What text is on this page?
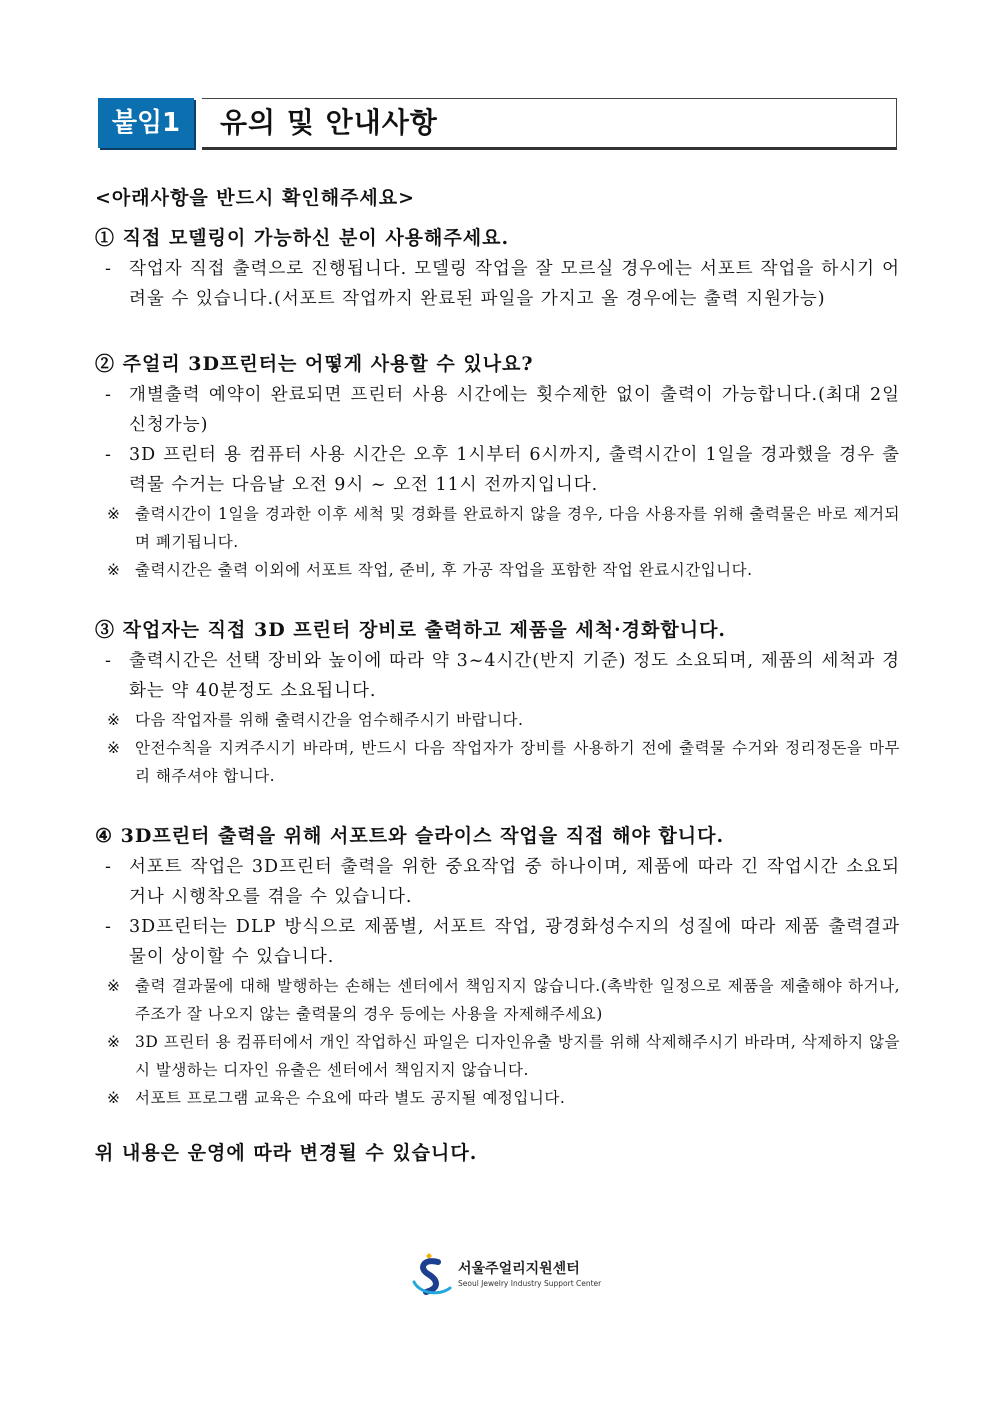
붙임1	유의 및 안내사항
<아래사항을 반드시 확인해주세요>
① 직접 모델링이 가능하신 분이 사용해주세요.
- 작업자 직접 출력으로 진행됩니다. 모델링 작업을 잘 모르실 경우에는 서포트 작업을 하시기 어려울 수 있습니다.(서포트 작업까지 완료된 파일을 가지고 올 경우에는 출력 지원가능)
② 주얼리 3D프린터는 어떻게 사용할 수 있나요?
- 개별출력 예약이 완료되면 프린터 사용 시간에는 횟수제한 없이 출력이 가능합니다.(최대 2일 신청가능)
- 3D 프린터 용 컴퓨터 사용 시간은 오후 1시부터 6시까지, 출력시간이 1일을 경과했을 경우 출력물 수거는 다음날 오전 9시 ~ 오전 11시 전까지입니다.
※ 출력시간이 1일을 경과한 이후 세척 및 경화를 완료하지 않을 경우, 다음 사용자를 위해 출력물은 바로 제거되며 폐기됩니다.
※ 출력시간은 출력 이외에 서포트 작업, 준비, 후 가공 작업을 포함한 작업 완료시간입니다.
③ 작업자는 직접 3D 프린터 장비로 출력하고 제품을 세척·경화합니다.
- 출력시간은 선택 장비와 높이에 따라 약 3~4시간(반지 기준) 정도 소요되며, 제품의 세척과 경화는 약 40분정도 소요됩니다.
※ 다음 작업자를 위해 출력시간을 엄수해주시기 바랍니다.
※ 안전수칙을 지켜주시기 바라며, 반드시 다음 작업자가 장비를 사용하기 전에 출력물 수거와 정리정돈을 마무리 해주셔야 합니다.
④ 3D프린터 출력을 위해 서포트와 슬라이스 작업을 직접 해야 합니다.
- 서포트 작업은 3D프린터 출력을 위한 중요작업 중 하나이며, 제품에 따라 긴 작업시간 소요되거나 시행착오를 겪을 수 있습니다.
- 3D프린터는 DLP 방식으로 제품별, 서포트 작업, 광경화성수지의 성질에 따라 제품 출력결과물이 상이할 수 있습니다.
※ 출력 결과물에 대해 발행하는 손해는 센터에서 책임지지 않습니다.(촉박한 일정으로 제품을 제출해야 하거나, 주조가 잘 나오지 않는 출력물의 경우 등에는 사용을 자제해주세요)
※ 3D 프린터 용 컴퓨터에서 개인 작업하신 파일은 디자인유출 방지를 위해 삭제해주시기 바라며, 삭제하지 않을 시 발생하는 디자인 유출은 센터에서 책임지지 않습니다.
※ 서포트 프로그램 교육은 수요에 따라 별도 공지될 예정입니다.
위 내용은 운영에 따라 변경될 수 있습니다.
서울주얼리지원센터
Seoul Jewelry Industry Support Center
